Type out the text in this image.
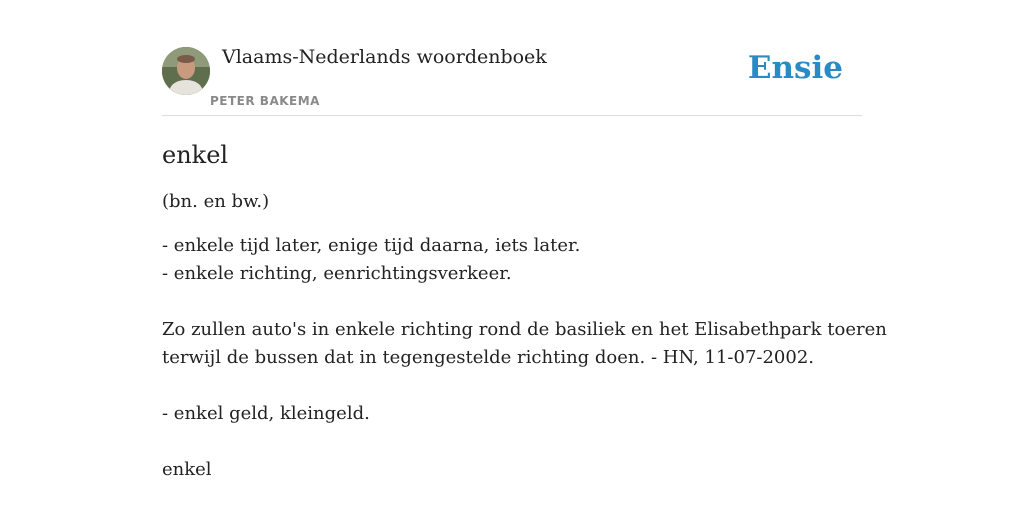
Vlaams-Nederlands woordenboek
PETER BAKEMA
Ensie
enkel

(bn. en bw.)

- enkele tijd later, enige tijd daarna, iets later.
- enkele richting, eenrichtingsverkeer.
Zo zullen auto's in enkele richting rond de basiliek en het Elisabethpark toeren
terwijl de bussen dat in tegengestelde richting doen. - HN, 11-07-2002.
- enkel geld, kleingeld.
enkel
